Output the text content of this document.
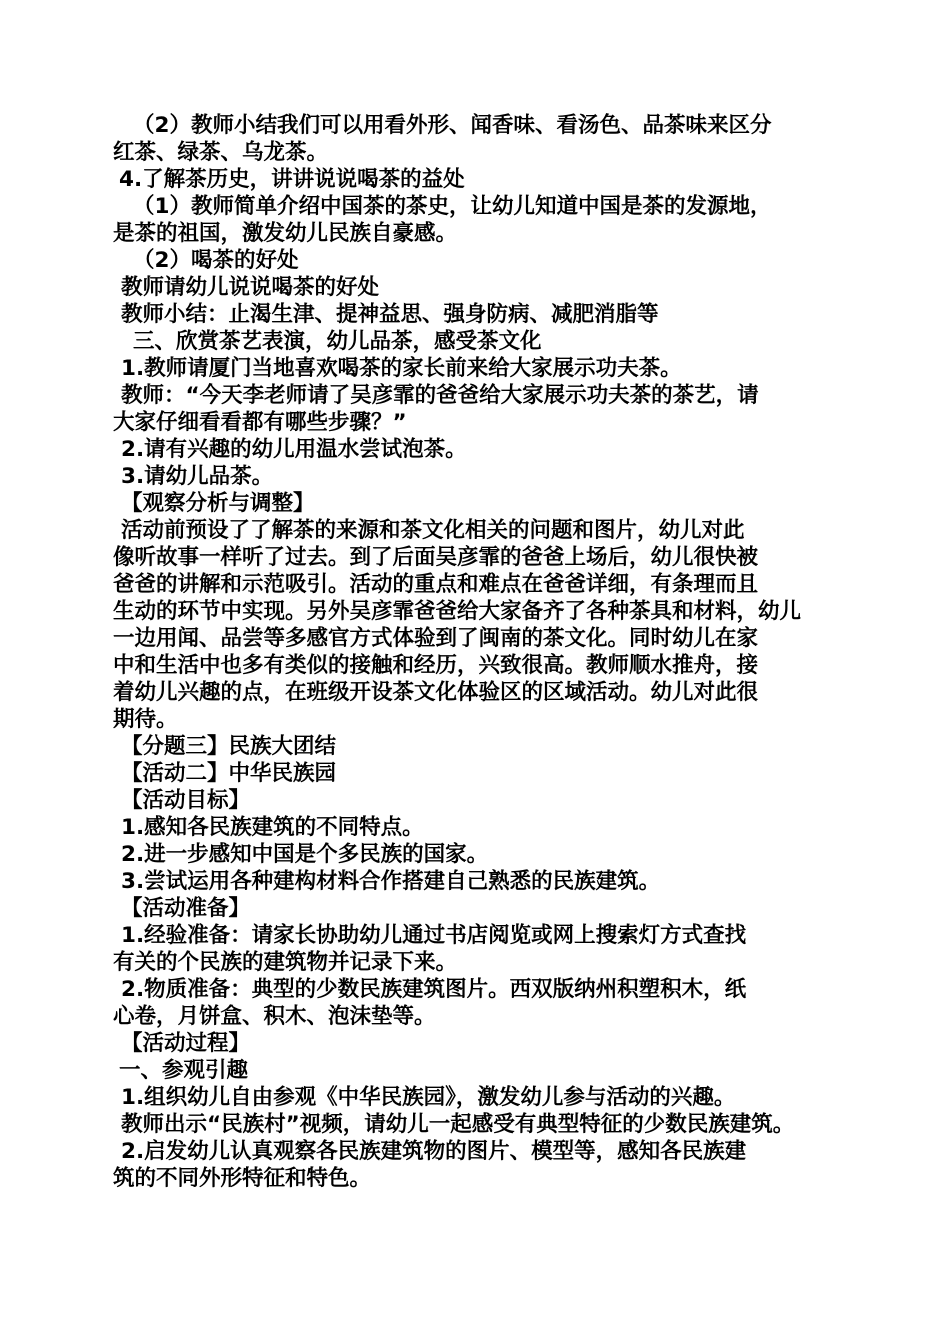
（2）教师小结我们可以用看外形、闻香味、看汤色、品茶味来区分
红茶、绿茶、乌龙茶。
4.了解茶历史，讲讲说说喝茶的益处
（1）教师简单介绍中国茶的茶史，让幼儿知道中国是茶的发源地，
是茶的祖国，激发幼儿民族自豪感。
（2）喝茶的好处
教师请幼儿说说喝茶的好处
教师小结：止渴生津、提神益思、强身防病、减肥消脂等
三、欣赏茶艺表演，幼儿品茶，感受茶文化
1.教师请厦门当地喜欢喝茶的家长前来给大家展示功夫茶。
教师：“今天李老师请了吴彦霏的爸爸给大家展示功夫茶的茶艺，请
大家仔细看看都有哪些步骤？”
2.请有兴趣的幼儿用温水尝试泡茶。
3.请幼儿品茶。
【观察分析与调整】
活动前预设了了解茶的来源和茶文化相关的问题和图片，幼儿对此
像听故事一样听了过去。到了后面吴彦霏的爸爸上场后，幼儿很快被
爸爸的讲解和示范吸引。活动的重点和难点在爸爸详细，有条理而且
生动的环节中实现。另外吴彦霏爸爸给大家备齐了各种茶具和材料，幼儿
一边用闻、品尝等多感官方式体验到了闽南的茶文化。同时幼儿在家
中和生活中也多有类似的接触和经历，兴致很高。教师顺水推舟，接
着幼儿兴趣的点，在班级开设茶文化体验区的区域活动。幼儿对此很
期待。
【分题三】民族大团结
【活动二】中华民族园
【活动目标】
1.感知各民族建筑的不同特点。
2.进一步感知中国是个多民族的国家。
3.尝试运用各种建构材料合作搭建自己熟悉的民族建筑。
【活动准备】
1.经验准备：请家长协助幼儿通过书店阅览或网上搜索灯方式查找
有关的个民族的建筑物并记录下来。
2.物质准备：典型的少数民族建筑图片。西双版纳州积塑积木，纸
心卷，月饼盒、积木、泡沫垫等。
【活动过程】
一、参观引趣
1.组织幼儿自由参观《中华民族园》，激发幼儿参与活动的兴趣。
教师出示“民族村”视频，请幼儿一起感受有典型特征的少数民族建筑。
2.启发幼儿认真观察各民族建筑物的图片、模型等，感知各民族建
筑的不同外形特征和特色。
